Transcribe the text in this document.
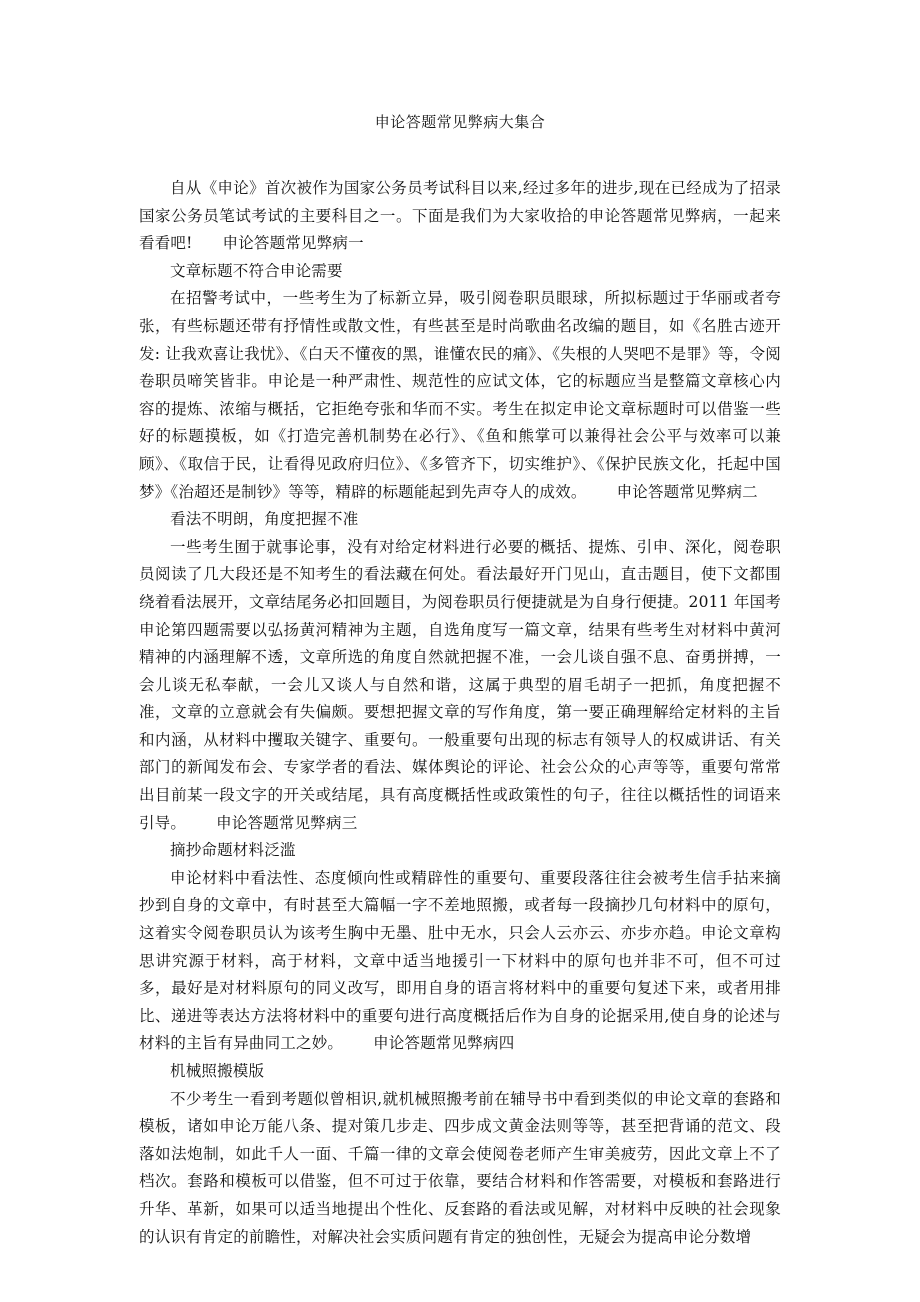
申论答题常见弊病大集合

自从《申论》首次被作为国家公务员考试科目以来,经过多年的进步,现在已经成为了招录国家公务员笔试考试的主要科目之一。下面是我们为大家收拾的申论答题常见弊病，一起来看看吧! 申论答题常见弊病一

文章标题不符合申论需要

在招警考试中，一些考生为了标新立异，吸引阅卷职员眼球，所拟标题过于华丽或者夸张，有些标题还带有抒情性或散文性，有些甚至是时尚歌曲名改编的题目，如《名胜古迹开发: 让我欢喜让我忧》、《白天不懂夜的黑，谁懂农民的痛》、《失根的人哭吧不是罪》等，令阅卷职员啼笑皆非。申论是一种严肃性、规范性的应试文体，它的标题应当是整篇文章核心内容的提炼、浓缩与概括，它拒绝夸张和华而不实。考生在拟定申论文章标题时可以借鉴一些好的标题摸板，如《打造完善机制势在必行》、《鱼和熊掌可以兼得社会公平与效率可以兼顾》、《取信于民，让看得见政府归位》、《多管齐下，切实维护》、《保护民族文化，托起中国梦》《治超还是制钞》等等，精辟的标题能起到先声夺人的成效。 申论答题常见弊病二

看法不明朗，角度把握不准

一些考生囿于就事论事，没有对给定材料进行必要的概括、提炼、引申、深化，阅卷职员阅读了几大段还是不知考生的看法藏在何处。看法最好开门见山，直击题目，使下文都围绕着看法展开，文章结尾务必扣回题目，为阅卷职员行便捷就是为自身行便捷。2011 年国考申论第四题需要以弘扬黄河精神为主题，自选角度写一篇文章，结果有些考生对材料中黄河精神的内涵理解不透，文章所选的角度自然就把握不准，一会儿谈自强不息、奋勇拼搏，一会儿谈无私奉献，一会儿又谈人与自然和谐，这属于典型的眉毛胡子一把抓，角度把握不准，文章的立意就会有失偏颇。要想把握文章的写作角度，第一要正确理解给定材料的主旨和内涵，从材料中攫取关键字、重要句。一般重要句出现的标志有领导人的权威讲话、有关部门的新闻发布会、专家学者的看法、媒体舆论的评论、社会公众的心声等等，重要句常常出目前某一段文字的开关或结尾，具有高度概括性或政策性的句子，往往以概括性的词语来引导。 申论答题常见弊病三

摘抄命题材料泛滥

申论材料中看法性、态度倾向性或精辟性的重要句、重要段落往往会被考生信手拈来摘抄到自身的文章中，有时甚至大篇幅一字不差地照搬，或者每一段摘抄几句材料中的原句，这着实令阅卷职员认为该考生胸中无墨、肚中无水，只会人云亦云、亦步亦趋。申论文章构思讲究源于材料，高于材料，文章中适当地援引一下材料中的原句也并非不可，但不可过多，最好是对材料原句的同义改写，即用自身的语言将材料中的重要句复述下来，或者用排比、递进等表达方法将材料中的重要句进行高度概括后作为自身的论据采用,使自身的论述与材料的主旨有异曲同工之妙。 申论答题常见弊病四

机械照搬模版

不少考生一看到考题似曾相识,就机械照搬考前在辅导书中看到类似的申论文章的套路和模板，诸如申论万能八条、提对策几步走、四步成文黄金法则等等，甚至把背诵的范文、段落如法炮制，如此千人一面、千篇一律的文章会使阅卷老师产生审美疲劳，因此文章上不了档次。套路和模板可以借鉴，但不可过于依靠，要结合材料和作答需要，对模板和套路进行升华、革新，如果可以适当地提出个性化、反套路的看法或见解，对材料中反映的社会现象的认识有肯定的前瞻性，对解决社会实质问题有肯定的独创性，无疑会为提高申论分数增
